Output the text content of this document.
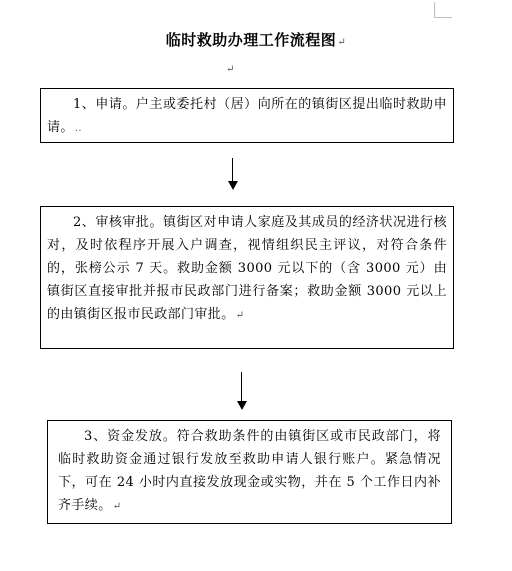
临时救助办理工作流程图↵
↵

1、申请。户主或委托村（居）向所在的镇街区提出临时救助申请。..

2、审核审批。镇街区对申请人家庭及其成员的经济状况进行核对，及时依程序开展入户调查，视情组织民主评议，对符合条件的，张榜公示 7 天。救助金额 3000 元以下的（含 3000 元）由镇街区直接审批并报市民政部门进行备案；救助金额 3000 元以上的由镇街区报市民政部门审批。↵

3、资金发放。符合救助条件的由镇街区或市民政部门，将临时救助资金通过银行发放至救助申请人银行账户。紧急情况下，可在 24 小时内直接发放现金或实物，并在 5 个工作日内补齐手续。↵
